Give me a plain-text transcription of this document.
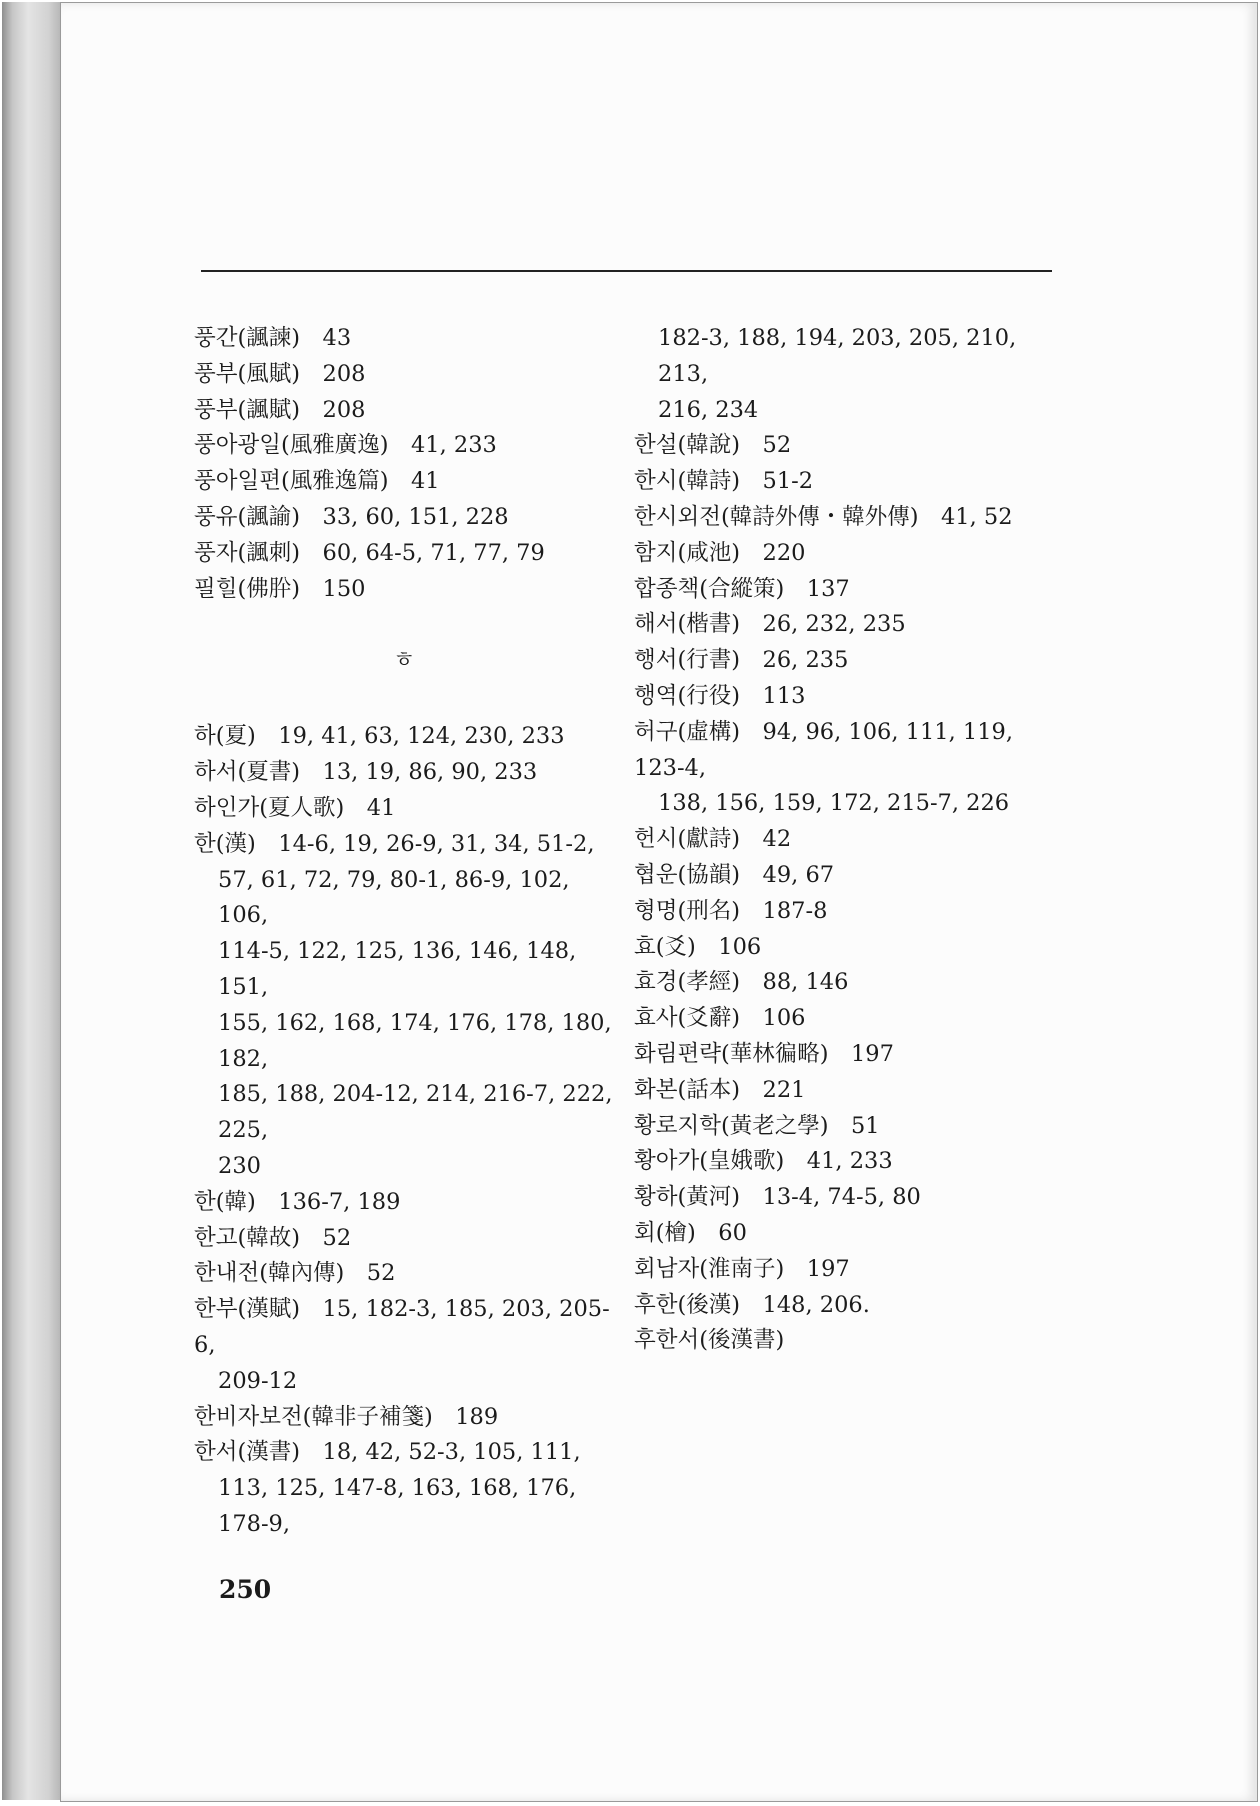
풍간(諷諫)　43
풍부(風賦)　208
풍부(諷賦)　208
풍아광일(風雅廣逸)　41, 233
풍아일편(風雅逸篇)　41
풍유(諷諭)　33, 60, 151, 228
풍자(諷刺)　60, 64-5, 71, 77, 79
필힐(佛肸)　150
ㅎ
하(夏)　19, 41, 63, 124, 230, 233
하서(夏書)　13, 19, 86, 90, 233
하인가(夏人歌)　41
한(漢)　14-6, 19, 26-9, 31, 34, 51-2,
57, 61, 72, 79, 80-1, 86-9, 102, 106,
114-5, 122, 125, 136, 146, 148, 151,
155, 162, 168, 174, 176, 178, 180, 182,
185, 188, 204-12, 214, 216-7, 222, 225,
230
한(韓)　136-7, 189
한고(韓故)　52
한내전(韓內傳)　52
한부(漢賦)　15, 182-3, 185, 203, 205-6,
209-12
한비자보전(韓非子補箋)　189
한서(漢書)　18, 42, 52-3, 105, 111,
113, 125, 147-8, 163, 168, 176, 178-9,
182-3, 188, 194, 203, 205, 210, 213,
216, 234
한설(韓說)　52
한시(韓詩)　51-2
한시외전(韓詩外傳・韓外傳)　41, 52
함지(咸池)　220
합종책(合縱策)　137
해서(楷書)　26, 232, 235
행서(行書)　26, 235
행역(行役)　113
허구(虛構)　94, 96, 106, 111, 119, 123-4,
138, 156, 159, 172, 215-7, 226
헌시(獻詩)　42
협운(協韻)　49, 67
형명(刑名)　187-8
효(爻)　106
효경(孝經)　88, 146
효사(爻辭)　106
화림편략(華林徧略)　197
화본(話本)　221
황로지학(黃老之學)　51
황아가(皇娥歌)　41, 233
황하(黃河)　13-4, 74-5, 80
회(檜)　60
회남자(淮南子)　197
후한(後漢)　148, 206.
후한서(後漢書)
250
